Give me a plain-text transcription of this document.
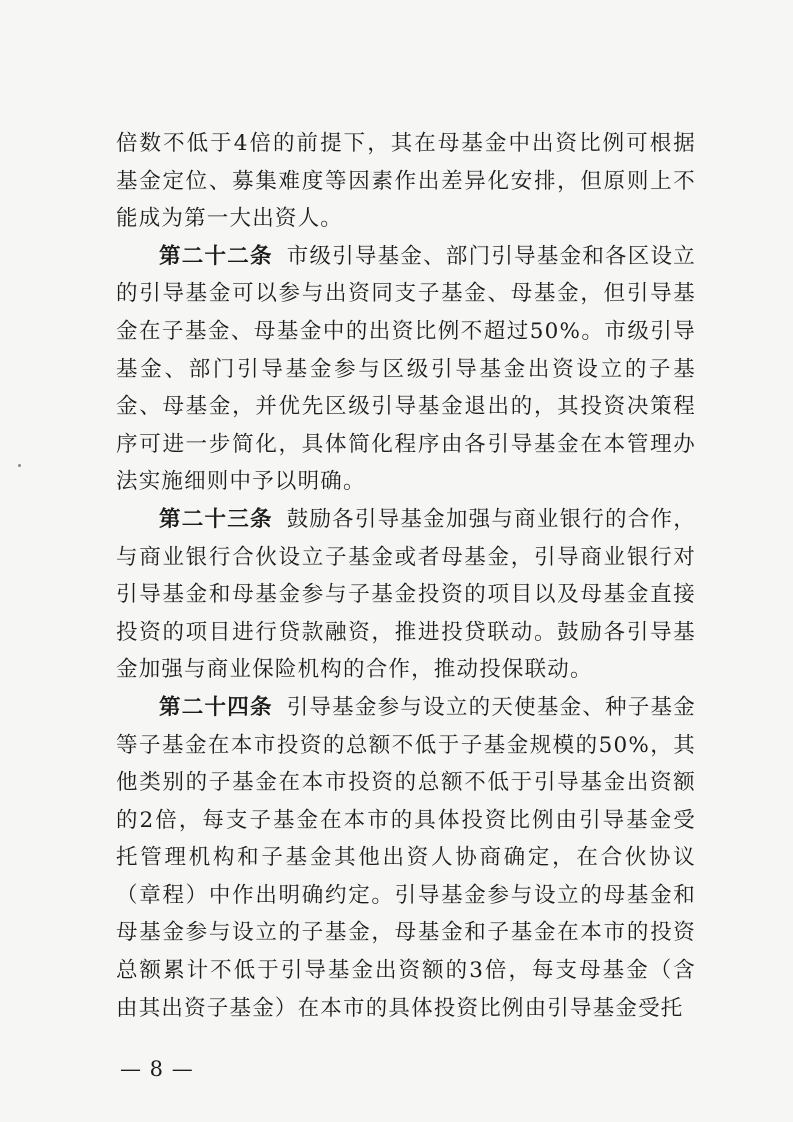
倍数不低于4倍的前提下，其在母基金中出资比例可根据基金定位、募集难度等因素作出差异化安排，但原则上不能成为第一大出资人。

第二十二条 市级引导基金、部门引导基金和各区设立的引导基金可以参与出资同支子基金、母基金，但引导基金在子基金、母基金中的出资比例不超过50%。市级引导基金、部门引导基金参与区级引导基金出资设立的子基金、母基金，并优先区级引导基金退出的，其投资决策程序可进一步简化，具体简化程序由各引导基金在本管理办法实施细则中予以明确。

第二十三条 鼓励各引导基金加强与商业银行的合作，与商业银行合伙设立子基金或者母基金，引导商业银行对引导基金和母基金参与子基金投资的项目以及母基金直接投资的项目进行贷款融资，推进投贷联动。鼓励各引导基金加强与商业保险机构的合作，推动投保联动。

第二十四条 引导基金参与设立的天使基金、种子基金等子基金在本市投资的总额不低于子基金规模的50%，其他类别的子基金在本市投资的总额不低于引导基金出资额的2倍，每支子基金在本市的具体投资比例由引导基金受托管理机构和子基金其他出资人协商确定，在合伙协议（章程）中作出明确约定。引导基金参与设立的母基金和母基金参与设立的子基金，母基金和子基金在本市的投资总额累计不低于引导基金出资额的3倍，每支母基金（含由其出资子基金）在本市的具体投资比例由引导基金受托

— 8 —
